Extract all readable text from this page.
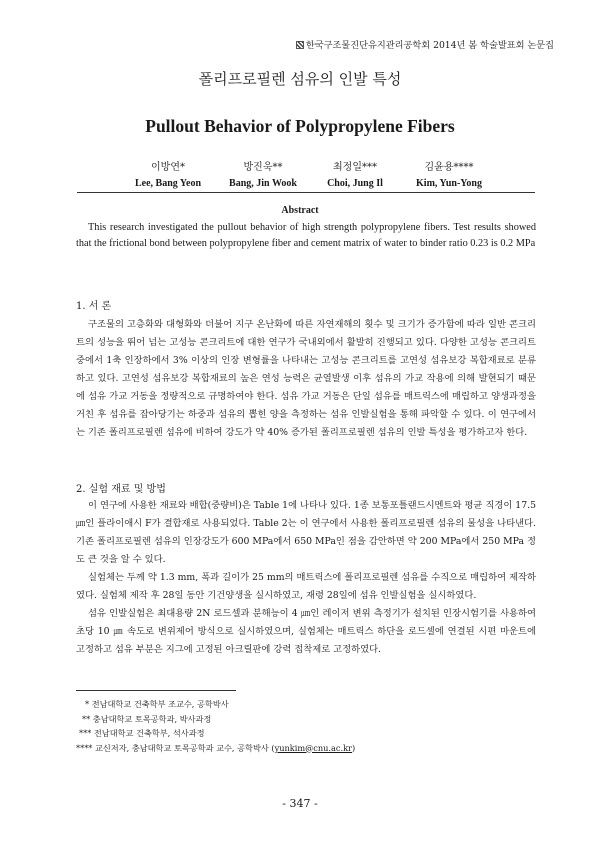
한국구조물진단유지관리공학회 2014년 봄 학술발표회 논문집
폴리프로필렌 섬유의 인발 특성
Pullout Behavior of Polypropylene Fibers
이방연*
Lee, Bang Yeon
방진욱**
Bang, Jin Wook
최정일***
Choi, Jung Il
김윤용****
Kim, Yun-Yong
Abstract
This research investigated the pullout behavior of high strength polypropylene fibers. Test results showed that the frictional bond between polypropylene fiber and cement matrix of water to binder ratio 0.23 is 0.2 MPa
1. 서 론

구조물의 고층화와 대형화와 더불어 지구 온난화에 따른 자연재해의 횟수 및 크기가 증가함에 따라 일반 콘크리트의 성능을 뛰어 넘는 고성능 콘크리트에 대한 연구가 국내외에서 활발히 진행되고 있다. 다양한 고성능 콘크리트 중에서 1축 인장하에서 3% 이상의 인장 변형률을 나타내는 고성능 콘크리트를 고연성 섬유보강 복합재료로 분류하고 있다. 고연성 섬유보강 복합재료의 높은 연성 능력은 균열발생 이후 섬유의 가교 작용에 의해 발현되기 때문에 섬유 가교 거동을 정량적으로 규명하여야 한다. 섬유 가교 거동은 단일 섬유를 매트릭스에 매립하고 양생과정을 거친 후 섬유를 잡아당기는 하중과 섬유의 뽑힌 양을 측정하는 섬유 인발실험을 통해 파악할 수 있다. 이 연구에서는 기존 폴리프로필렌 섬유에 비하여 강도가 약 40% 증가된 폴리프로필렌 섬유의 인발 특성을 평가하고자 한다.

2. 실험 재료 및 방법

이 연구에 사용한 재료와 배합(중량비)은 Table 1에 나타나 있다. 1종 보통포틀랜드시멘트와 평균 직경이 17.5 ㎛인 플라이애시 F가 결합재로 사용되었다. Table 2는 이 연구에서 사용한 폴리프로필렌 섬유의 물성을 나타낸다. 기존 폴리프로필렌 섬유의 인장강도가 600 MPa에서 650 MPa인 점을 감안하면 약 200 MPa에서 250 MPa 정도 큰 것을 알 수 있다.

실험체는 두께 약 1.3 mm, 폭과 길이가 25 mm의 매트릭스에 폴리프로필렌 섬유를 수직으로 매립하여 제작하였다. 실험체 제작 후 28일 동안 기건양생을 실시하였고, 재령 28일에 섬유 인발실험을 실시하였다.

섬유 인발실험은 최대용량 2N 로드셀과 분해능이 4 ㎛인 레이저 변위 측정기가 설치된 인장시험기를 사용하여 초당 10 ㎛ 속도로 변위제어 방식으로 실시하였으며, 실험체는 매트릭스 하단을 로드셀에 연결된 시편 마운트에 고정하고 섬유 부분은 지그에 고정된 아크릴판에 강력 접착제로 고정하였다.

* 전남대학교 건축학부 조교수, 공학박사
** 충남대학교 토목공학과, 박사과정
*** 전남대학교 건축학부, 석사과정
**** 교신저자, 충남대학교 토목공학과 교수, 공학박사 (yunkim@cnu.ac.kr)
- 347 -
